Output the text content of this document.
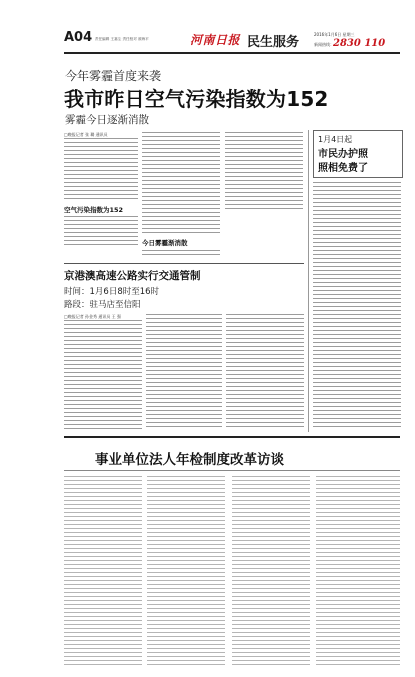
A04 责任编辑 王嘉尘 责任校对 被海平	河南日报 民生服务
2016年1月6日 星期三
新闻热线： 2830 110
今年雾霾首度来袭
我市昨日空气污染指数为152
雾霾今日逐渐消散
□晚报记者 张 璐 通讯员
空气污染指数为152
今日雾霾渐消散
京港澳高速公路实行交通管制
时间：1月6日8时至16时
路段：驻马店至信阳
□晚报记者 孙金秀 通讯员 王 强
1月4日起
市民办护照
照相免费了
事业单位法人年检制度改革访谈
